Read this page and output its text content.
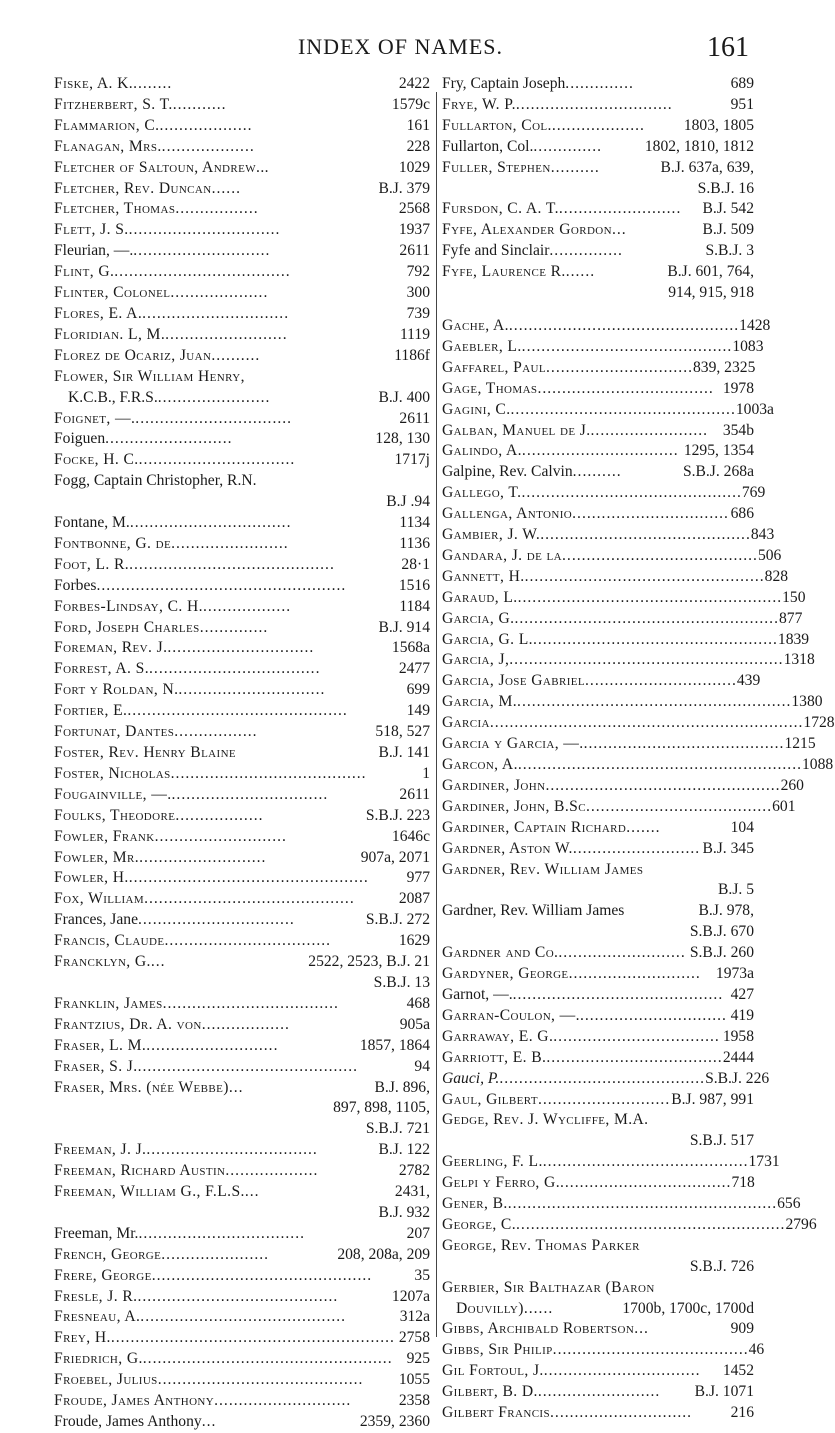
INDEX OF NAMES.	161
Fiske, A. K. ........	2422
Fitzherbert, S. T. ...........	1579c
Flammarion, C. ...................	161
Flanagan, Mrs. ...................	228
Fletcher of Saltoun, Andrew...	1029
Fletcher, Rev. Duncan ......	B.J. 379
Fletcher, Thomas .................	2568
Flett, J. S. ...............................	1937
Fleurian, —. ............................	2611
Flint, G. ....................................	792
Flinter, Colonel ....................	300
Flores, E. A. ..............................	739
Floridian. L, M. .........................	1119
Florez de Ocariz, Juan ..........	1186f
Flower, Sir William Henry,
K.C.B., F.R.S. .......................	B.J. 400
Foignet, —. ................................	2611
Foiguen ..........................	128, 130
Focke, H. C. ................................	1717j
Fogg, Captain Christopher, R.N.
B.J .94
Fontane, M. .................................	1134
Fontbonne, G. de ........................	1136
Foot, L. R. ..........................................	28·1
Forbes ...................................................	1516
Forbes-Lindsay, C. H. ..................	1184
Ford, Joseph Charles ..............	B.J. 914
Foreman, Rev. J. ..............................	1568a
Forrest, A. S. ...................................	2477
Fort y Roldan, N. ..............................	699
Fortier, E. .............................................	149
Fortunat, Dantes .................	518, 527
Foster, Rev. Henry Blaine	B.J. 141
Foster, Nicholas ........................................	1
Fougainville, —. ................................	2611
Foulks, Theodore ..................	S.B.J. 223
Fowler, Frank ...........................	1646c
Fowler, Mr. ..........................	907a, 2071
Fowler, H. .................................................	977
Fox, William ...........................................	2087
Frances, Jane ................................	S.B.J. 272
Francis, Claude ..................................	1629
Francklyn, G. ...	2522, 2523, B.J. 21
S.B.J. 13
Franklin, James ....................................	468
Frantzius, Dr. A. von ..................	905a
Fraser, L. M. ...........................	1857, 1864
Fraser, S. J. .............................................	94
Fraser, Mrs. (née Webbe) ...	B.J. 896,
897, 898, 1105,
S.B.J. 721
Freeman, J. J. ...................................	B.J. 122
Freeman, Richard Austin ...................	2782
Freeman, William G., F.L.S. ...	2431,
B.J. 932
Freeman, Mr. ..................................	207
French, George ......................	208, 208a, 209
Frere, George .............................................	35
Fresle, J. R. .........................................	1207a
Fresneau, A. ..........................................	312a
Frey, H. .......................................................... 2758
Friedrich, G. ................................................... 925
Froebel, Julius ..........................................	1055
Froude, James Anthony ............................	2358
Froude, James Anthony ...	2359, 2360
Fry, Captain Joseph ..............	689
Frye, W. P. ................................	951
Fullarton, Col. ...................	1803, 1805
Fullarton, Col. ..............	1802, 1810, 1812
Fuller, Stephen ..........	B.J. 637a, 639,
S.B.J. 16
Fursdon, C. A. T. .........................	B.J. 542
Fyfe, Alexander Gordon ...	B.J. 509
Fyfe and Sinclair ...............	S.B.J. 3
Fyfe, Laurence R. ......	B.J. 601, 764,
914, 915, 918
Gache, A. ............................................... 1428
Gaebler, L. ........................................... 1083
Gaffarel, Paul .............................. 839, 2325
Gage, Thomas .................................... 1978
Gagini, C. .............................................. 1003a
Galban, Manuel de J. ........................ 354b
Galindo, A. ................................ 1295, 1354
Galpine, Rev. Calvin ..........	S.B.J. 268a
Gallego, T. ............................................. 769
Gallenga, Antonio ................................ 686
Gambier, J. W. ........................................... 843
Gandara, J. de la ........................................ 506
Gannett, H. ................................................. 828
Garaud, L. ...................................................... 150
Garcia, G. ...................................................... 877
Garcia, G. L. .................................................. 1839
Garcia, J, ........................................................ 1318
Garcia, Jose Gabriel ............................... 439
Garcia, M. ........................................................ 1380
Garcia ................................................................ 1728
Garcia y Garcia, —. ......................................... 1215
Garcon, A. .......................................................... 1088
Gardiner, John ................................................ 260
Gardiner, John, B.Sc ...................................... 601
Gardiner, Captain Richard .......	104
Gardner, Aston W. .......................... B.J. 345
Gardner, Rev. William James
B.J. 5
Gardner, Rev. William James	B.J. 978,
S.B.J. 670
Gardner and Co. .......................... S.B.J. 260
Gardyner, George ........................... 1973a
Garnot, —. ........................................... 427
Garran-Coulon, —. .............................. 419
Garraway, E. G. .................................. 1958
Garriott, E. B. .................................... 2444
Gauci, P. .......................................... S.B.J. 226
Gaul, Gilbert ........................... B.J. 987, 991
Gedge, Rev. J. Wycliffe, M.A.
S.B.J. 517
Geerling, F. L. .......................................... 1731
Gelpi y Ferro, G. ................................... 718
Gener, B. ....................................................... 656
George, C. ....................................................... 2796
George, Rev. Thomas Parker
S.B.J. 726
Gerbier, Sir Balthazar (Baron
Douvilly) ......	1700b, 1700c, 1700d
Gibbs, Archibald Robertson ...	909
Gibbs, Sir Philip ........................................ 46
Gil Fortoul, J. ................................	1452
Gilbert, B. D. .........................	B.J. 1071
Gilbert Francis .............................	216
